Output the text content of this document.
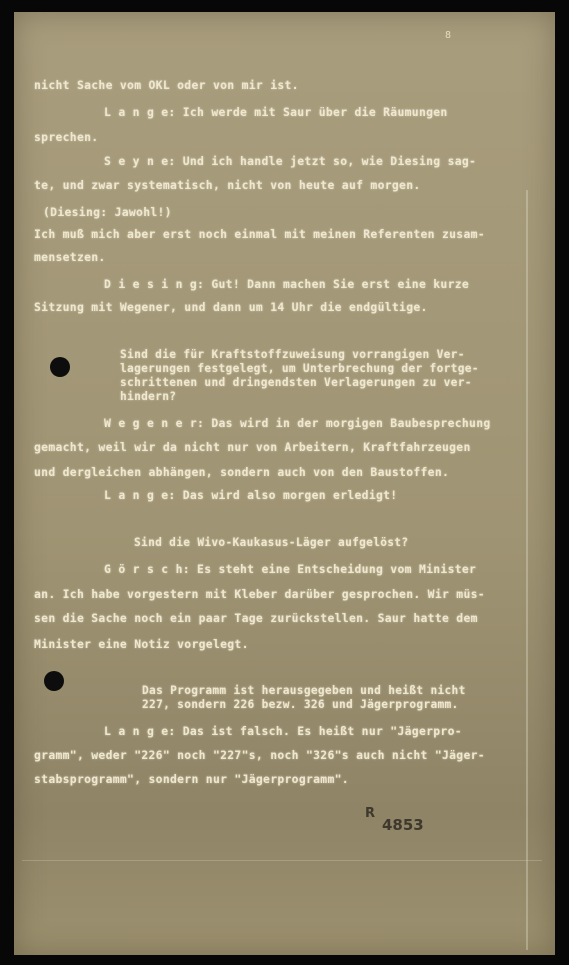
8
nicht Sache vom OKL oder von mir ist.
L a n g e: Ich werde mit Saur über die Räumungen
sprechen.
S e y n e: Und ich handle jetzt so, wie Diesing sag-
te, und zwar systematisch, nicht von heute auf morgen.
(Diesing: Jawohl!)
Ich muß mich aber erst noch einmal mit meinen Referenten zusam-
mensetzen.
D i e s i n g: Gut! Dann machen Sie erst eine kurze
Sitzung mit Wegener, und dann um 14 Uhr die endgültige.
Sind die für Kraftstoffzuweisung vorrangigen Ver-
lagerungen festgelegt, um Unterbrechung der fortge-
schrittenen und dringendsten Verlagerungen zu ver-
hindern?
W e g e n e r: Das wird in der morgigen Baubesprechung
gemacht, weil wir da nicht nur von Arbeitern, Kraftfahrzeugen
und dergleichen abhängen, sondern auch von den Baustoffen.
L a n g e: Das wird also morgen erledigt!
Sind die Wivo-Kaukasus-Läger aufgelöst?
G ö r s c h: Es steht eine Entscheidung vom Minister
an. Ich habe vorgestern mit Kleber darüber gesprochen. Wir müs-
sen die Sache noch ein paar Tage zurückstellen. Saur hatte dem
Minister eine Notiz vorgelegt.
Das Programm ist herausgegeben und heißt nicht
227, sondern 226 bezw. 326 und Jägerprogramm.
L a n g e: Das ist falsch. Es heißt nur "Jägerpro-
gramm", weder "226" noch "227"s, noch "326"s auch nicht "Jäger-
stabsprogramm", sondern nur "Jägerprogramm".
R
4853
